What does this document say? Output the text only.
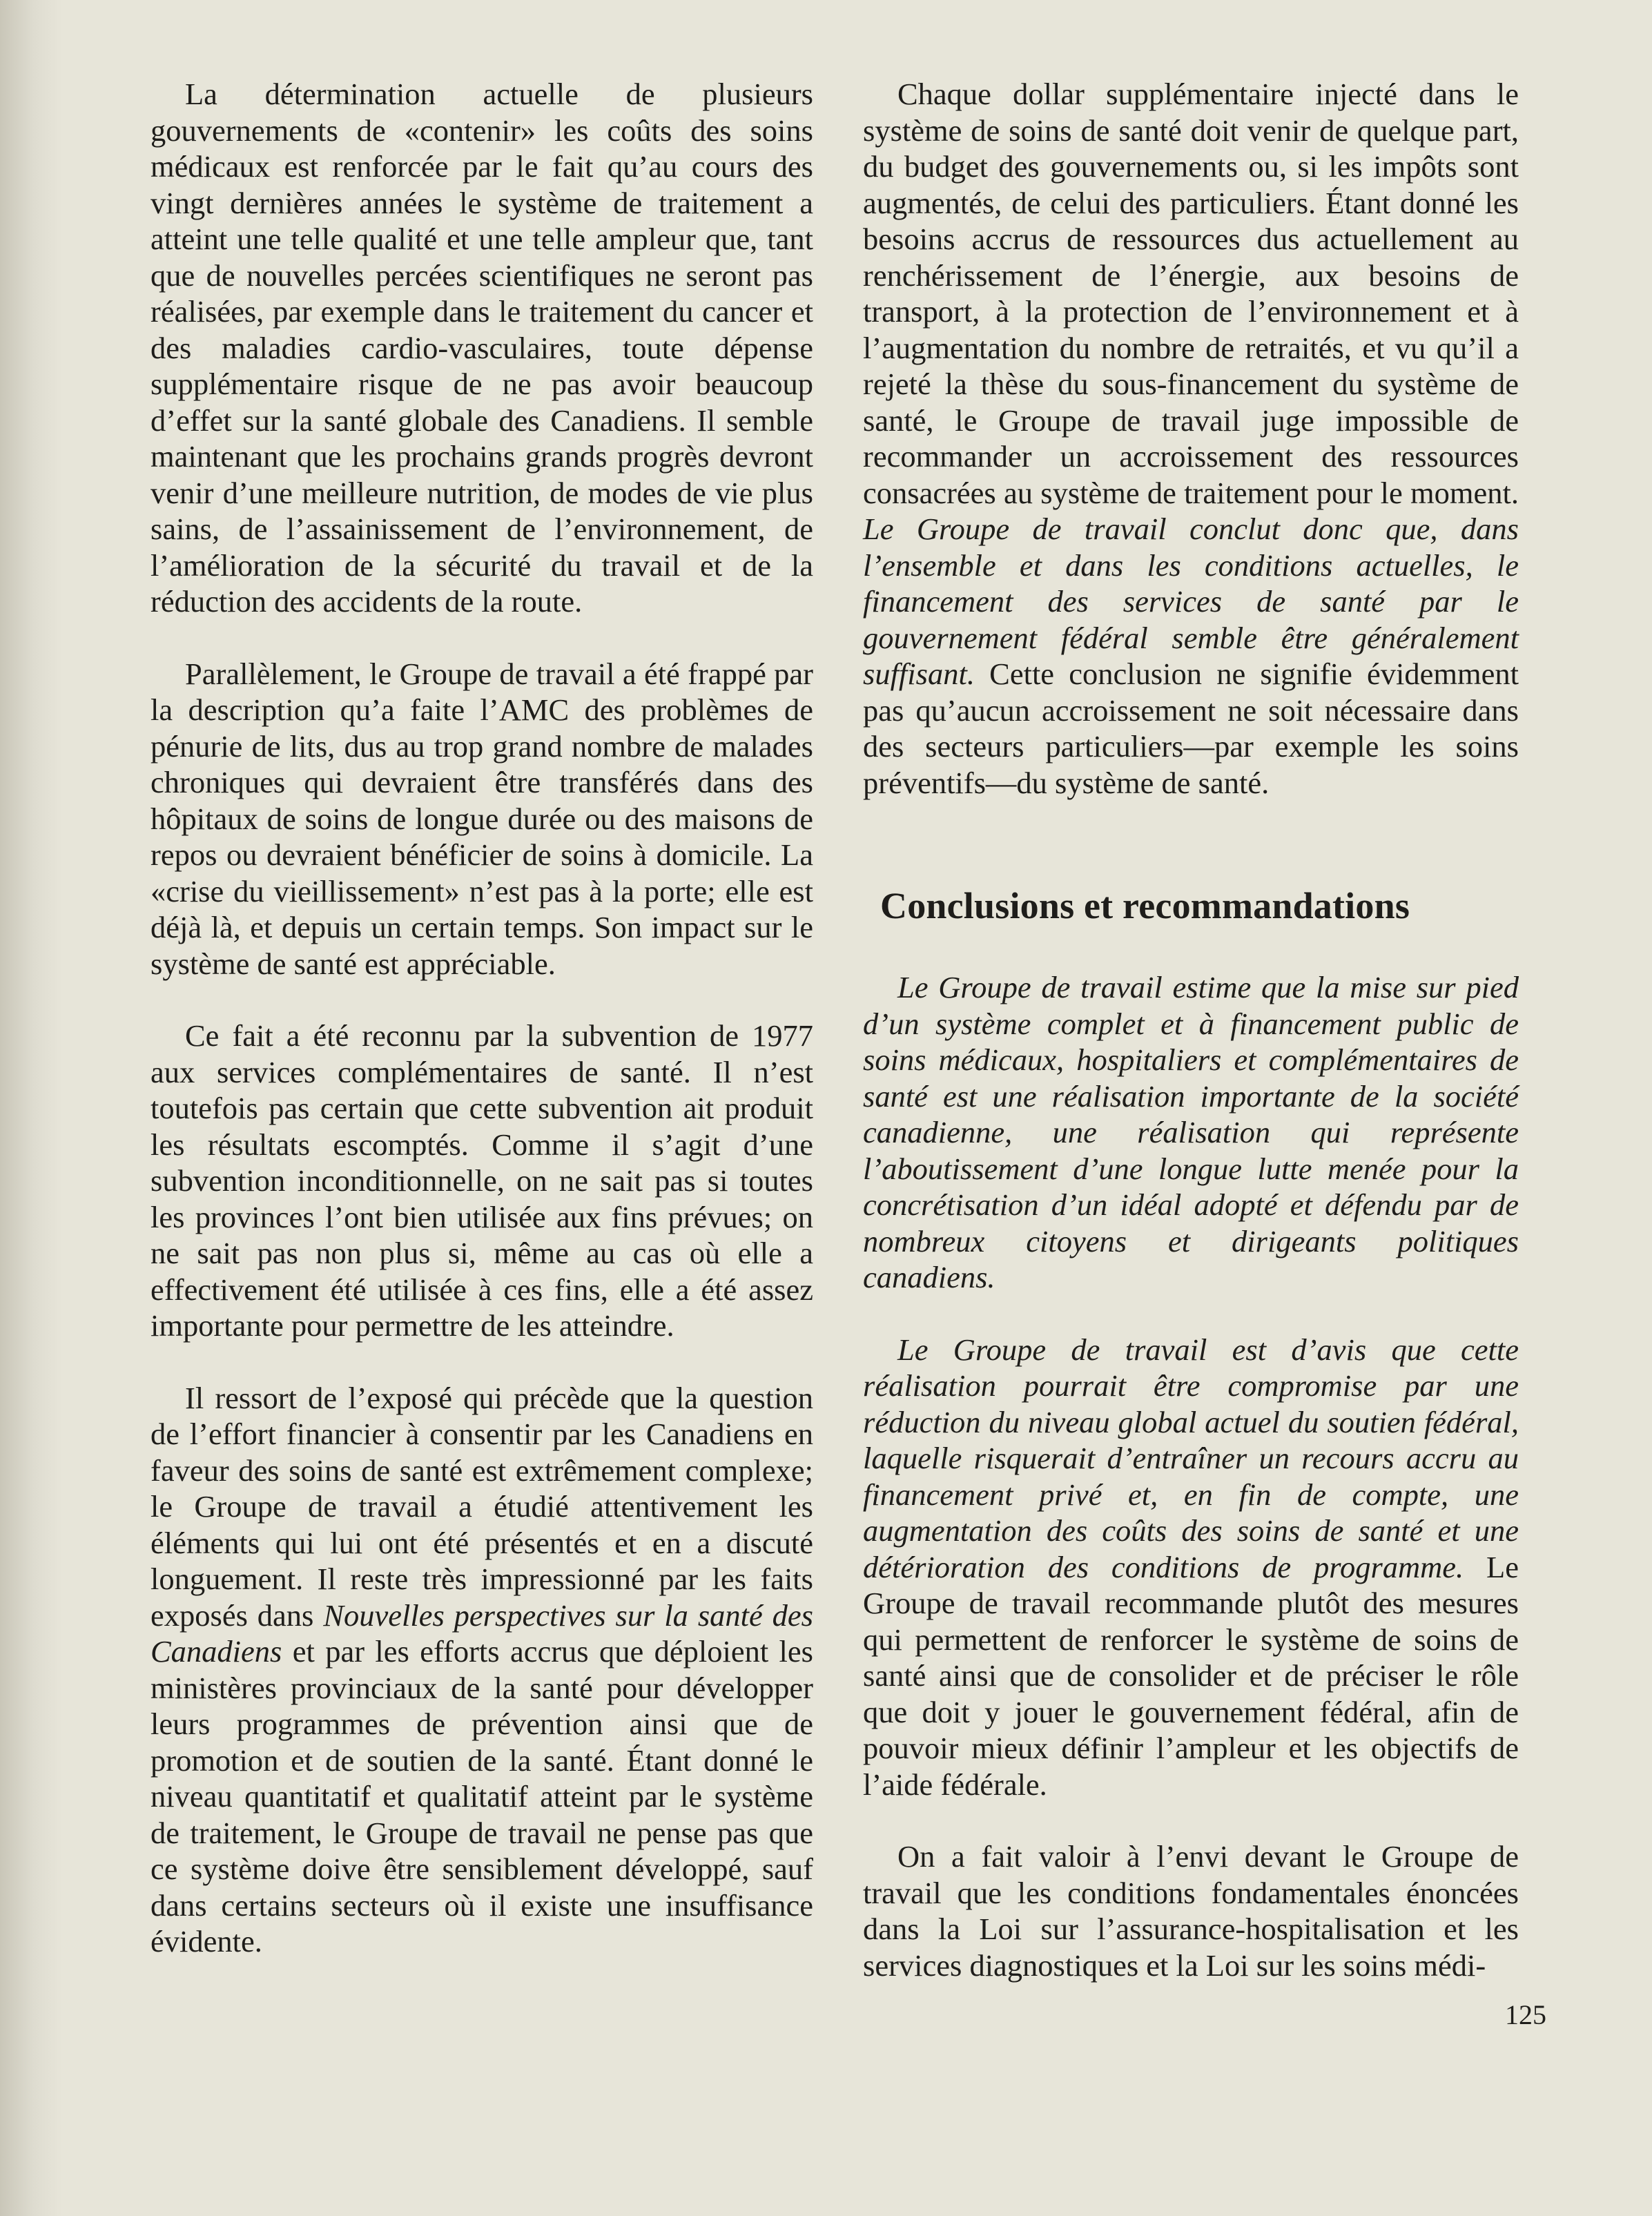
La détermination actuelle de plusieurs gouvernements de «contenir» les coûts des soins médicaux est renforcée par le fait qu’au cours des vingt dernières années le système de traitement a atteint une telle qualité et une telle ampleur que, tant que de nouvelles percées scientifiques ne seront pas réalisées, par exemple dans le traitement du cancer et des maladies cardio-vasculaires, toute dépense supplémentaire risque de ne pas avoir beaucoup d’effet sur la santé globale des Canadiens. Il semble maintenant que les prochains grands progrès devront venir d’une meilleure nutrition, de modes de vie plus sains, de l’assainissement de l’environnement, de l’amélioration de la sécurité du travail et de la réduction des accidents de la route.

Parallèlement, le Groupe de travail a été frappé par la description qu’a faite l’AMC des problèmes de pénurie de lits, dus au trop grand nombre de malades chroniques qui devraient être transférés dans des hôpitaux de soins de longue durée ou des maisons de repos ou devraient bénéficier de soins à domicile. La «crise du vieillissement» n’est pas à la porte; elle est déjà là, et depuis un certain temps. Son impact sur le système de santé est appréciable.

Ce fait a été reconnu par la subvention de 1977 aux services complémentaires de santé. Il n’est toutefois pas certain que cette subvention ait produit les résultats escomptés. Comme il s’agit d’une subvention inconditionnelle, on ne sait pas si toutes les provinces l’ont bien utilisée aux fins prévues; on ne sait pas non plus si, même au cas où elle a effectivement été utilisée à ces fins, elle a été assez importante pour permettre de les atteindre.

Il ressort de l’exposé qui précède que la question de l’effort financier à consentir par les Canadiens en faveur des soins de santé est extrêmement complexe; le Groupe de travail a étudié attentivement les éléments qui lui ont été présentés et en a discuté longuement. Il reste très impressionné par les faits exposés dans Nouvelles perspectives sur la santé des Canadiens et par les efforts accrus que déploient les ministères provinciaux de la santé pour développer leurs programmes de prévention ainsi que de promotion et de soutien de la santé. Étant donné le niveau quantitatif et qualitatif atteint par le système de traitement, le Groupe de travail ne pense pas que ce système doive être sensiblement développé, sauf dans certains secteurs où il existe une insuffisance évidente.

Chaque dollar supplémentaire injecté dans le système de soins de santé doit venir de quelque part, du budget des gouvernements ou, si les impôts sont augmentés, de celui des particuliers. Étant donné les besoins accrus de ressources dus actuellement au renchérissement de l’énergie, aux besoins de transport, à la protection de l’environnement et à l’augmentation du nombre de retraités, et vu qu’il a rejeté la thèse du sous-financement du système de santé, le Groupe de travail juge impossible de recommander un accroissement des ressources consacrées au système de traitement pour le moment. Le Groupe de travail conclut donc que, dans l’ensemble et dans les conditions actuelles, le financement des services de santé par le gouvernement fédéral semble être généralement suffisant. Cette conclusion ne signifie évidemment pas qu’aucun accroissement ne soit nécessaire dans des secteurs particuliers—par exemple les soins préventifs—du système de santé.

Conclusions et recommandations

Le Groupe de travail estime que la mise sur pied d’un système complet et à financement public de soins médicaux, hospitaliers et complémentaires de santé est une réalisation importante de la société canadienne, une réalisation qui représente l’aboutissement d’une longue lutte menée pour la concrétisation d’un idéal adopté et défendu par de nombreux citoyens et dirigeants politiques canadiens.

Le Groupe de travail est d’avis que cette réalisation pourrait être compromise par une réduction du niveau global actuel du soutien fédéral, laquelle risquerait d’entraîner un recours accru au financement privé et, en fin de compte, une augmentation des coûts des soins de santé et une détérioration des conditions de programme. Le Groupe de travail recommande plutôt des mesures qui permettent de renforcer le système de soins de santé ainsi que de consolider et de préciser le rôle que doit y jouer le gouvernement fédéral, afin de pouvoir mieux définir l’ampleur et les objectifs de l’aide fédérale.

On a fait valoir à l’envi devant le Groupe de travail que les conditions fondamentales énoncées dans la Loi sur l’assurance-hospitalisation et les services diagnostiques et la Loi sur les soins médi-

125
